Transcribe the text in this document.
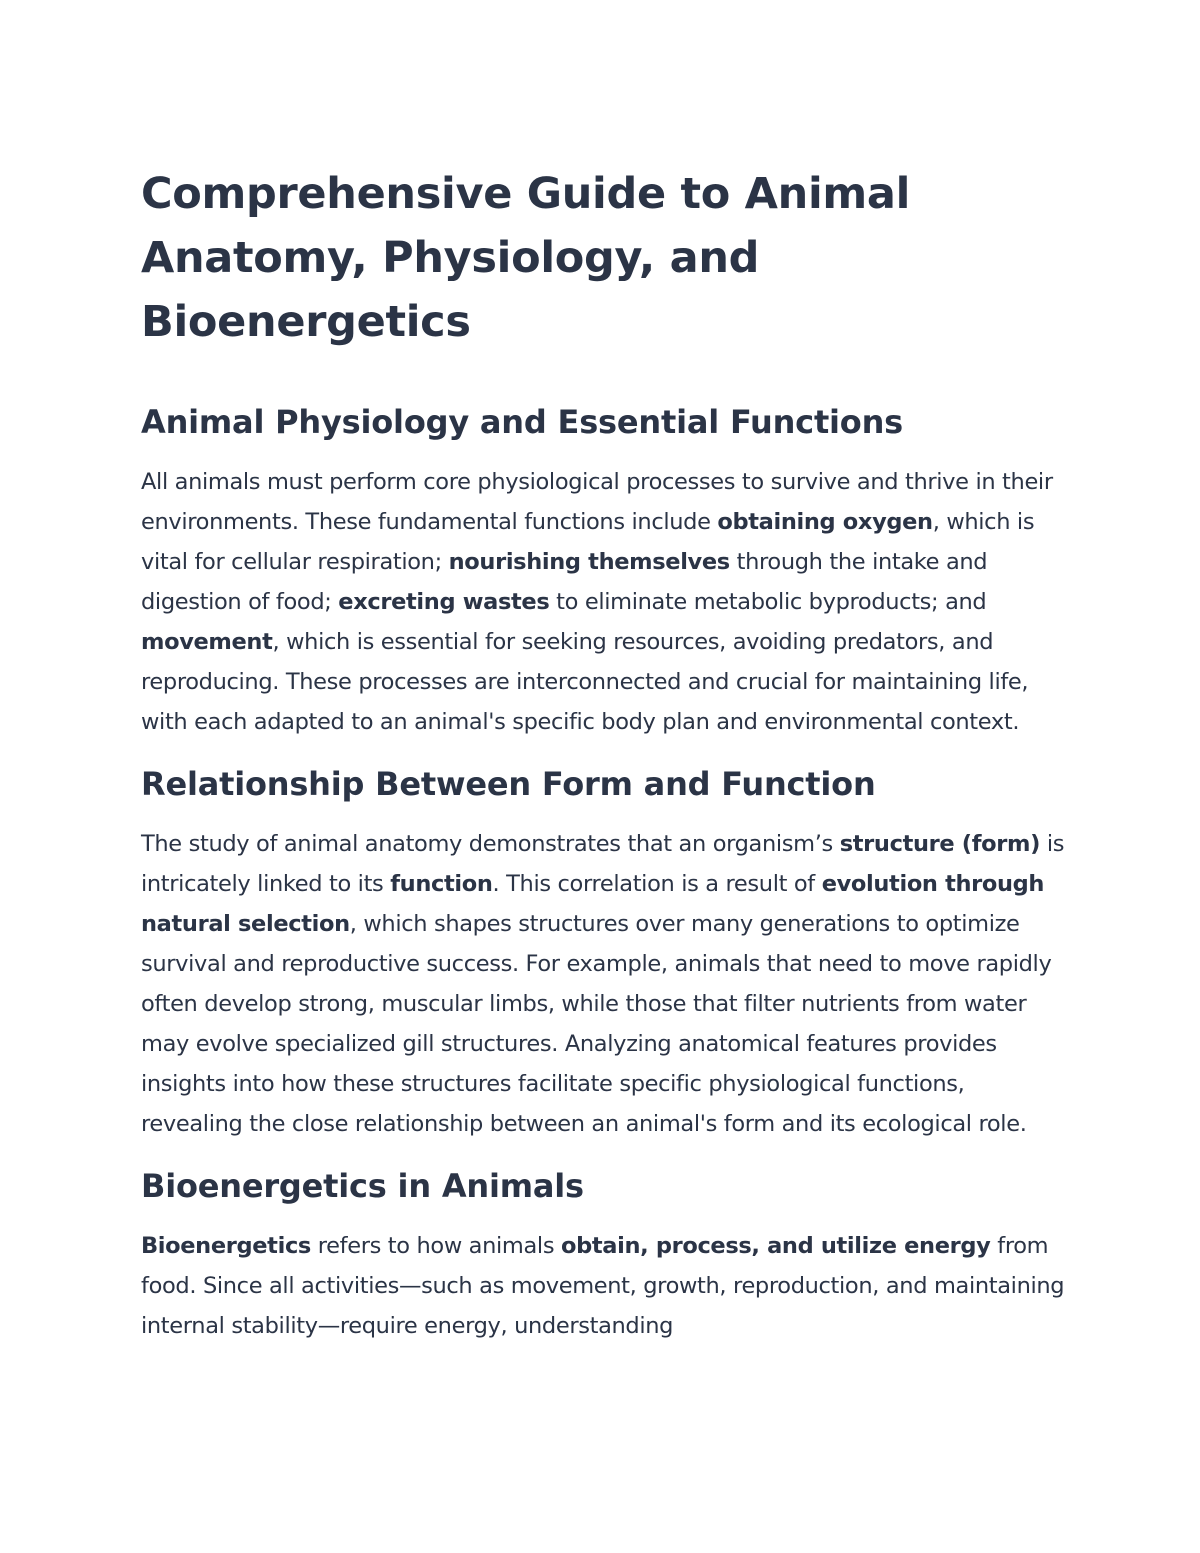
Comprehensive Guide to Animal
Anatomy, Physiology, and Bioenergetics
Animal Physiology and Essential Functions

All animals must perform core physiological processes to survive and thrive in their environments. These fundamental functions include obtaining oxygen, which is vital for cellular respiration; nourishing themselves through the intake and digestion of food; excreting wastes to eliminate metabolic byproducts; and movement, which is essential for seeking resources, avoiding predators, and reproducing. These processes are interconnected and crucial for maintaining life, with each adapted to an animal's specific body plan and environmental context.

Relationship Between Form and Function

The study of animal anatomy demonstrates that an organism’s structure (form) is intricately linked to its function. This correlation is a result of evolution through natural selection, which shapes structures over many generations to optimize survival and reproductive success. For example, animals that need to move rapidly often develop strong, muscular limbs, while those that filter nutrients from water may evolve specialized gill structures. Analyzing anatomical features provides insights into how these structures facilitate specific physiological functions, revealing the close relationship between an animal's form and its ecological role.

Bioenergetics in Animals

Bioenergetics refers to how animals obtain, process, and utilize energy from food. Since all activities—such as movement, growth, reproduction, and maintaining internal stability—require energy, understanding
